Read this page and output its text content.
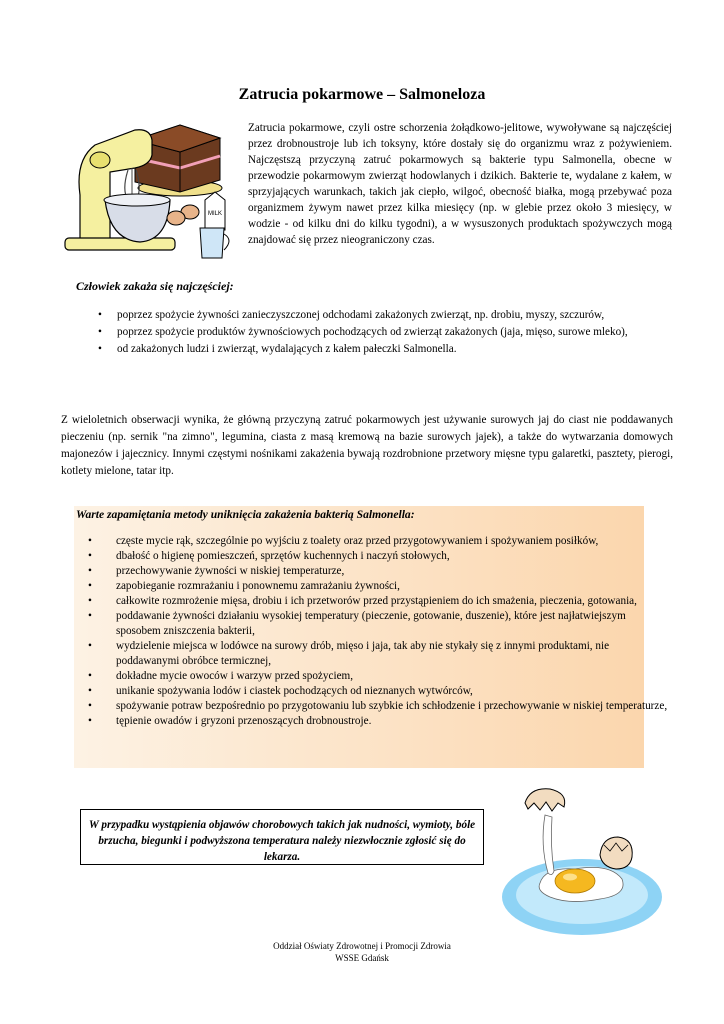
Zatrucia pokarmowe – Salmoneloza
MILK

Zatrucia pokarmowe, czyli ostre schorzenia żołądkowo-jelitowe, wywoływane są najczęściej przez drobnoustroje lub ich toksyny, które dostały się do organizmu wraz z pożywieniem. Najczęstszą przyczyną zatruć pokarmowych są bakterie typu Salmonella, obecne w przewodzie pokarmowym zwierząt hodowlanych i dzikich. Bakterie te, wydalane z kałem, w sprzyjających warunkach, takich jak ciepło, wilgoć, obecność białka, mogą przebywać poza organizmem żywym nawet przez kilka miesięcy (np. w glebie przez około 3 miesięcy, w wodzie - od kilku dni do kilku tygodni), a w wysuszonych produktach spożywczych mogą znajdować się przez nieograniczony czas.

Człowiek zakaża się najczęściej:

• poprzez spożycie żywności zanieczyszczonej odchodami zakażonych zwierząt, np. drobiu, myszy, szczurów,
• poprzez spożycie produktów żywnościowych pochodzących od zwierząt zakażonych (jaja, mięso, surowe mleko),
• od zakażonych ludzi i zwierząt, wydalających z kałem pałeczki Salmonella.

Z wieloletnich obserwacji wynika, że główną przyczyną zatruć pokarmowych jest używanie surowych jaj do ciast nie poddawanych pieczeniu (np. sernik "na zimno", legumina, ciasta z masą kremową na bazie surowych jajek), a także do wytwarzania domowych majonezów i jajecznicy. Innymi częstymi nośnikami zakażenia bywają rozdrobnione przetwory mięsne typu galaretki, pasztety, pierogi, kotlety mielone, tatar itp.

Warte zapamiętania metody uniknięcia zakażenia bakterią Salmonella:

• częste mycie rąk, szczególnie po wyjściu z toalety oraz przed przygotowywaniem i spożywaniem posiłków,
• dbałość o higienę pomieszczeń, sprzętów kuchennych i naczyń stołowych,
• przechowywanie żywności w niskiej temperaturze,
• zapobieganie rozmrażaniu i ponownemu zamrażaniu żywności,
• całkowite rozmrożenie mięsa, drobiu i ich przetworów przed przystąpieniem do ich smażenia, pieczenia, gotowania,
• poddawanie żywności działaniu wysokiej temperatury (pieczenie, gotowanie, duszenie), które jest najłatwiejszym sposobem zniszczenia bakterii,
• wydzielenie miejsca w lodówce na surowy drób, mięso i jaja, tak aby nie stykały się z innymi produktami, nie poddawanymi obróbce termicznej,
• dokładne mycie owoców i warzyw przed spożyciem,
• unikanie spożywania lodów i ciastek pochodzących od nieznanych wytwórców,
• spożywanie potraw bezpośrednio po przygotowaniu lub szybkie ich schłodzenie i przechowywanie w niskiej temperaturze,
• tępienie owadów i gryzoni przenoszących drobnoustroje.

W przypadku wystąpienia objawów chorobowych takich jak nudności, wymioty, bóle brzucha, biegunki i podwyższona temperatura należy niezwłocznie zgłosić się do lekarza.

Oddział Oświaty Zdrowotnej i Promocji Zdrowia

WSSE Gdańsk
